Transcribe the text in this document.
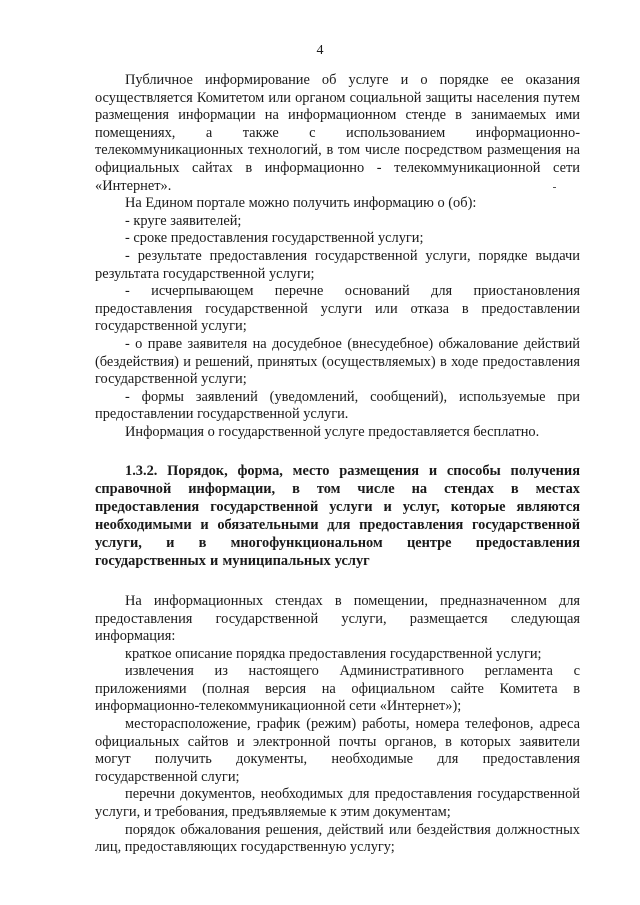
4

Публичное информирование об услуге и о порядке ее оказания осуществляется Комитетом или органом социальной защиты населения путем размещения информации на информационном стенде в занимаемых ими помещениях, а также с использованием информационно-телекоммуникационных технологий, в том числе посредством размещения на официальных сайтах в информационно - телекоммуникационной сети «Интернет».

На Едином портале можно получить информацию о (об):

- круге заявителей;

- сроке предоставления государственной услуги;

- результате предоставления государственной услуги, порядке выдачи результата государственной услуги;

- исчерпывающем перечне оснований для приостановления предоставления государственной услуги или отказа в предоставлении государственной услуги;

- о праве заявителя на досудебное (внесудебное) обжалование действий (бездействия) и решений, принятых (осуществляемых) в ходе предоставления государственной услуги;

- формы заявлений (уведомлений, сообщений), используемые при предоставлении государственной услуги.

Информация о государственной услуге предоставляется бесплатно.

1.3.2. Порядок, форма, место размещения и способы получения справочной информации, в том числе на стендах в местах предоставления государственной услуги и услуг, которые являются необходимыми и обязательными для предоставления государственной услуги, и в многофункциональном центре предоставления государственных и муниципальных услуг

На информационных стендах в помещении, предназначенном для предоставления государственной услуги, размещается следующая информация:

краткое описание порядка предоставления государственной услуги;

извлечения из настоящего Административного регламента с приложениями (полная версия на официальном сайте Комитета в информационно-телекоммуникационной сети «Интернет»);

месторасположение, график (режим) работы, номера телефонов, адреса официальных сайтов и электронной почты органов, в которых заявители могут получить документы, необходимые для предоставления государственной слуги;

перечни документов, необходимых для предоставления государственной услуги, и требования, предъявляемые к этим документам;

порядок обжалования решения, действий или бездействия должностных лиц, предоставляющих государственную услугу;
